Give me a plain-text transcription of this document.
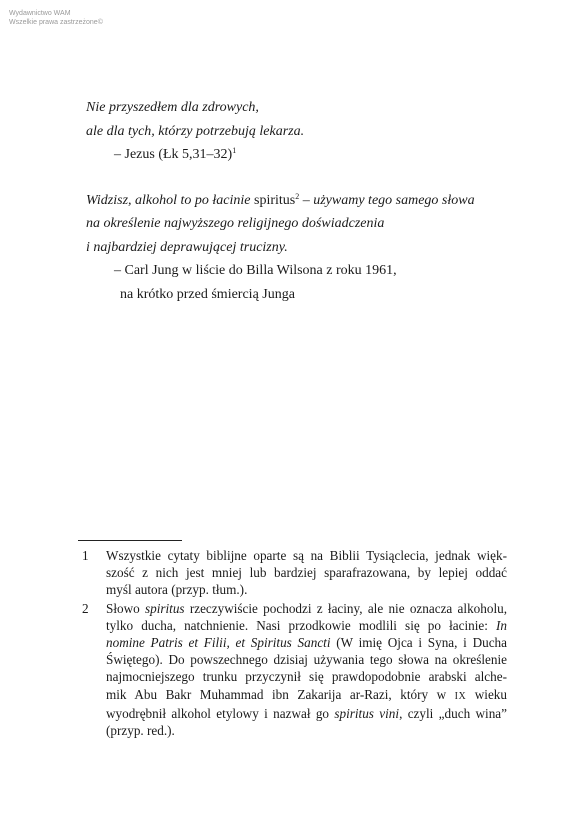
Wydawnictwo WAM
Wszelkie prawa zastrzeżone©
Nie przyszedłem dla zdrowych,
ale dla tych, którzy potrzebują lekarza.
– Jezus (Łk 5,31–32)$^1$
Widzisz, alkohol to po łacinie spiritus$^2$ – używamy tego samego słowa
na określenie najwyższego religijnego doświadczenia
i najbardziej deprawującej trucizny.
– Carl Jung w liście do Billa Wilsona z roku 1961,
na krótko przed śmiercią Junga
1	Wszystkie cytaty biblijne oparte są na Biblii Tysiąclecia, jednak więk-
szość z nich jest mniej lub bardziej sparafrazowana, by lepiej oddać
myśl autora (przyp. tłum.).
2	Słowo spiritus rzeczywiście pochodzi z łaciny, ale nie oznacza alkoholu,
tylko ducha, natchnienie. Nasi przodkowie modlili się po łacinie: In
nomine Patris et Filii, et Spiritus Sancti (W imię Ojca i Syna, i Ducha
Świętego). Do powszechnego dzisiaj używania tego słowa na określenie
najmocniejszego trunku przyczynił się prawdopodobnie arabski alche-
mik Abu Bakr Muhammad ibn Zakarija ar-Razi, który w IX wieku
wyodrębnił alkohol etylowy i nazwał go spiritus vini, czyli „duch wina”
(przyp. red.).
